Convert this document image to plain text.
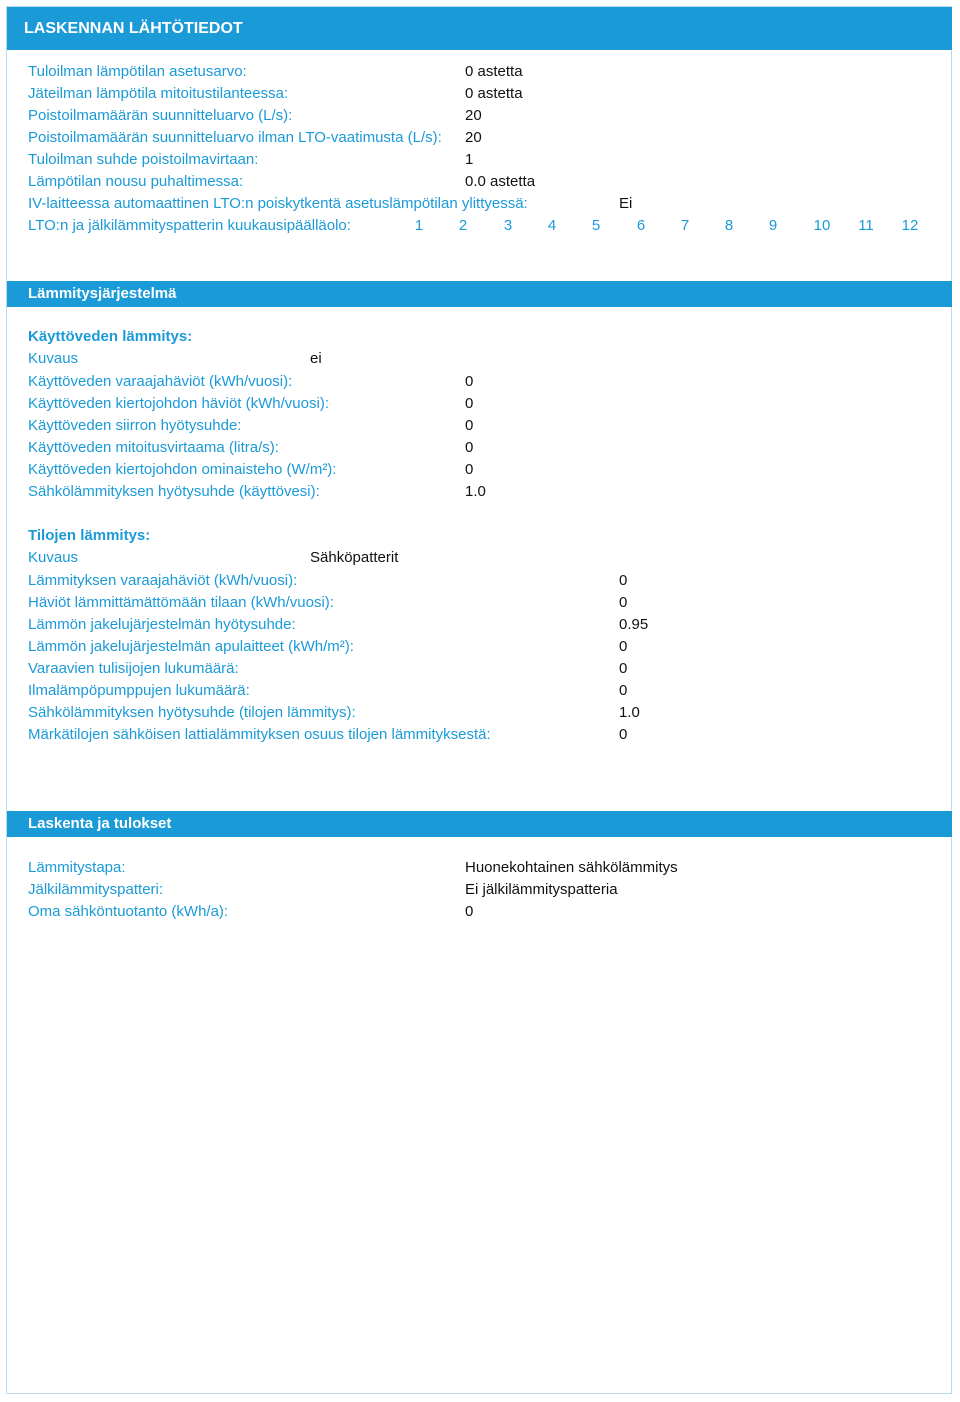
LASKENNAN LÄHTÖTIEDOT
Tuloilman lämpötilan asetusarvo:	0 astetta
Jäteilman lämpötila mitoitustilanteessa:	0 astetta
Poistoilmamäärän suunnitteluarvo (L/s):	20
Poistoilmamäärän suunnitteluarvo ilman LTO-vaatimusta (L/s): 20
Tuloilman suhde poistoilmavirtaan:	1
Lämpötilan nousu puhaltimessa:	0.0 astetta
IV-laitteessa automaattinen LTO:n poiskytkentä asetuslämpötilan ylittyessä:	Ei
LTO:n ja jälkilämmityspatterin kuukausipäälläolo:	1	2	3	4	5	6	7	8	9	10	11	12
Lämmitysjärjestelmä
Käyttöveden lämmitys:
Kuvaus	ei
Käyttöveden varaajahäviöt (kWh/vuosi):	0
Käyttöveden kiertojohdon häviöt (kWh/vuosi):	0
Käyttöveden siirron hyötysuhde:	0
Käyttöveden mitoitusvirtaama (litra/s):	0
Käyttöveden kiertojohdon ominaisteho (W/m²):	0
Sähkölämmityksen hyötysuhde (käyttövesi):	1.0
Tilojen lämmitys:
Kuvaus	Sähköpatterit
Lämmityksen varaajahäviöt (kWh/vuosi):	0
Häviöt lämmittämättömään tilaan (kWh/vuosi):	0
Lämmön jakelujärjestelmän hyötysuhde:	0.95
Lämmön jakelujärjestelmän apulaitteet (kWh/m²):	0
Varaavien tulisijojen lukumäärä:	0
Ilmalämpöpumppujen lukumäärä:	0
Sähkölämmityksen hyötysuhde (tilojen lämmitys):	1.0
Märkätilojen sähköisen lattialämmityksen osuus tilojen lämmityksestä:	0
Laskenta ja tulokset
Lämmitystapa:	Huonekohtainen sähkölämmitys
Jälkilämmityspatteri:	Ei jälkilämmityspatteria
Oma sähköntuotanto (kWh/a):	0
